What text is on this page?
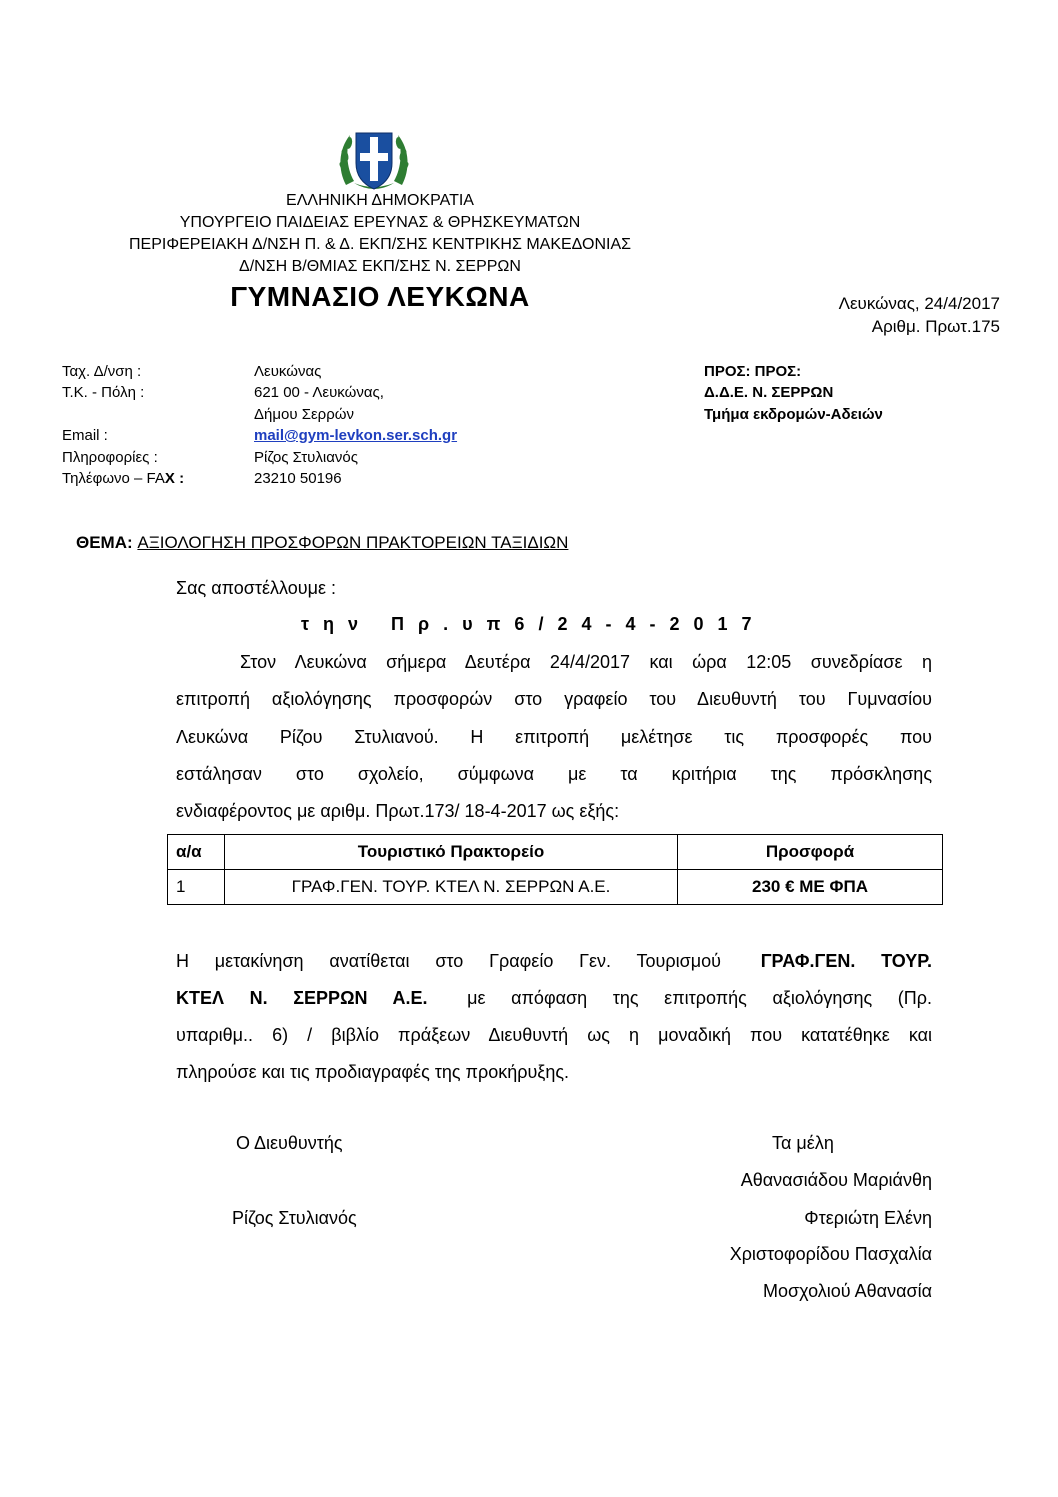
ΕΛΛΗΝΙΚΗ ΔΗΜΟΚΡΑΤΙΑ
ΥΠΟΥΡΓΕΙΟ ΠΑΙΔΕΙΑΣ ΕΡΕΥΝΑΣ & ΘΡΗΣΚΕΥΜΑΤΩΝ
ΠΕΡΙΦΕΡΕΙΑΚΗ Δ/ΝΣΗ Π. & Δ. ΕΚΠ/ΣΗΣ ΚΕΝΤΡΙΚΗΣ ΜΑΚΕΔΟΝΙΑΣ
Δ/ΝΣΗ Β/ΘΜΙΑΣ ΕΚΠ/ΣΗΣ Ν. ΣΕΡΡΩΝ
ΓΥΜΝΑΣΙΟ ΛΕΥΚΩΝΑ	Λευκώνας, 24/4/2017
Αριθμ. Πρωτ.175
Ταχ. Δ/νση :	Λευκώνας
Τ.Κ. - Πόλη :	621 00 - Λευκώνας,
Δήμου Σερρών
Email :	mail@gym-levkon.ser.sch.gr
Πληροφορίες :	Ρίζος Στυλιανός
Τηλέφωνο – FAX :	23210 50196
ΠΡΟΣ: ΠΡΟΣ:
Δ.Δ.Ε. Ν. ΣΕΡΡΩΝ
Τμήμα εκδρομών-Αδειών
ΘΕΜΑ: ΑΞΙΟΛΟΓΗΣΗ ΠΡΟΣΦΟΡΩΝ ΠΡΑΚΤΟΡΕΙΩΝ ΤΑΞΙΔΙΩΝ
Σας αποστέλλουμε :
την Πρ.υπ6/24-4-2017
Στον Λευκώνα σήμερα Δευτέρα 24/4/2017 και ώρα 12:05 συνεδρίασε η
επιτροπή αξιολόγησης προσφορών στο γραφείο του Διευθυντή του Γυμνασίου
Λευκώνα Ρίζου Στυλιανού. Η επιτροπή μελέτησε τις προσφορές που
εστάλησαν στο σχολείο, σύμφωνα με τα κριτήρια της πρόσκλησης
ενδιαφέροντος με αριθμ. Πρωτ.173/ 18-4-2017 ως εξής:
α/α	Τουριστικό Πρακτορείο	Προσφορά
1	ΓΡΑΦ.ΓΕΝ. ΤΟΥΡ. ΚΤΕΛ Ν. ΣΕΡΡΩΝ Α.Ε.	230 € ΜΕ ΦΠΑ
Η μετακίνηση ανατίθεται στο Γραφείο Γεν. Τουρισμού ΓΡΑΦ.ΓΕΝ. ΤΟΥΡ.
ΚΤΕΛ Ν. ΣΕΡΡΩΝ Α.Ε. με απόφαση της επιτροπής αξιολόγησης (Πρ.
υπαριθμ.. 6) / βιβλίο πράξεων Διευθυντή ως η μοναδική που κατατέθηκε και
πληρούσε και τις προδιαγραφές της προκήρυξης.
Ο Διευθυντής
Ρίζος Στυλιανός
Τα μέλη
Αθανασιάδου Μαριάνθη
Φτεριώτη Ελένη
Χριστοφορίδου Πασχαλία
Μοσχολιού Αθανασία
